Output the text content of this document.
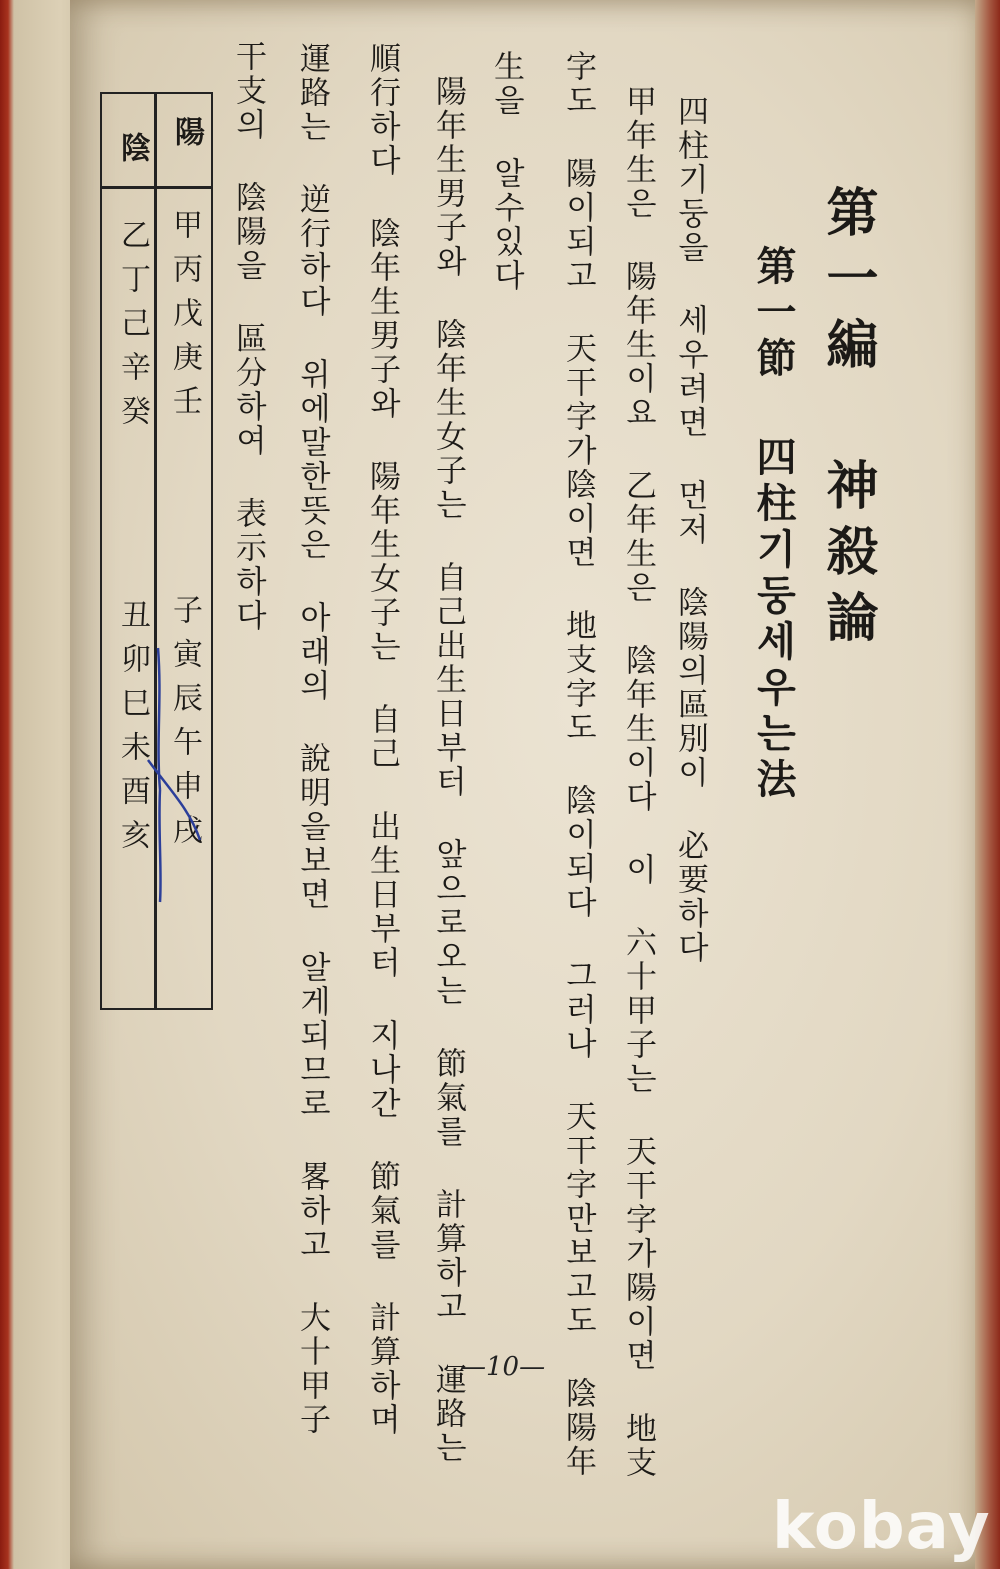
第一編 神殺論
第一節 四柱기둥세우는法
四柱기둥을 세우려면 먼저 陰陽의區別이 必要하다
甲年生은 陽年生이요 乙年生은 陰年生이다 이 六十甲子는 天干字가陽이면 地支
字도 陽이되고 天干字가陰이면 地支字도 陰이되다 그러나 天干字만보고도 陰陽年
生을 알수있다
陽年生男子와 陰年生女子는 自己出生日부터 앞으로오는 節氣를 計算하고 運路는
順行하다 陰年生男子와 陽年生女子는 自己 出生日부터 지나간 節氣를 計算하며
運路는 逆行하다 위에말한뜻은 아래의 說明을보면 알게되므로 畧하고 大十甲子
干支의 陰陽을 區分하여 表示하다
陽
陰
甲丙戊庚壬
子寅辰午申戌
乙丁己辛癸
丑卯巳未酉亥
—10—
kobay
